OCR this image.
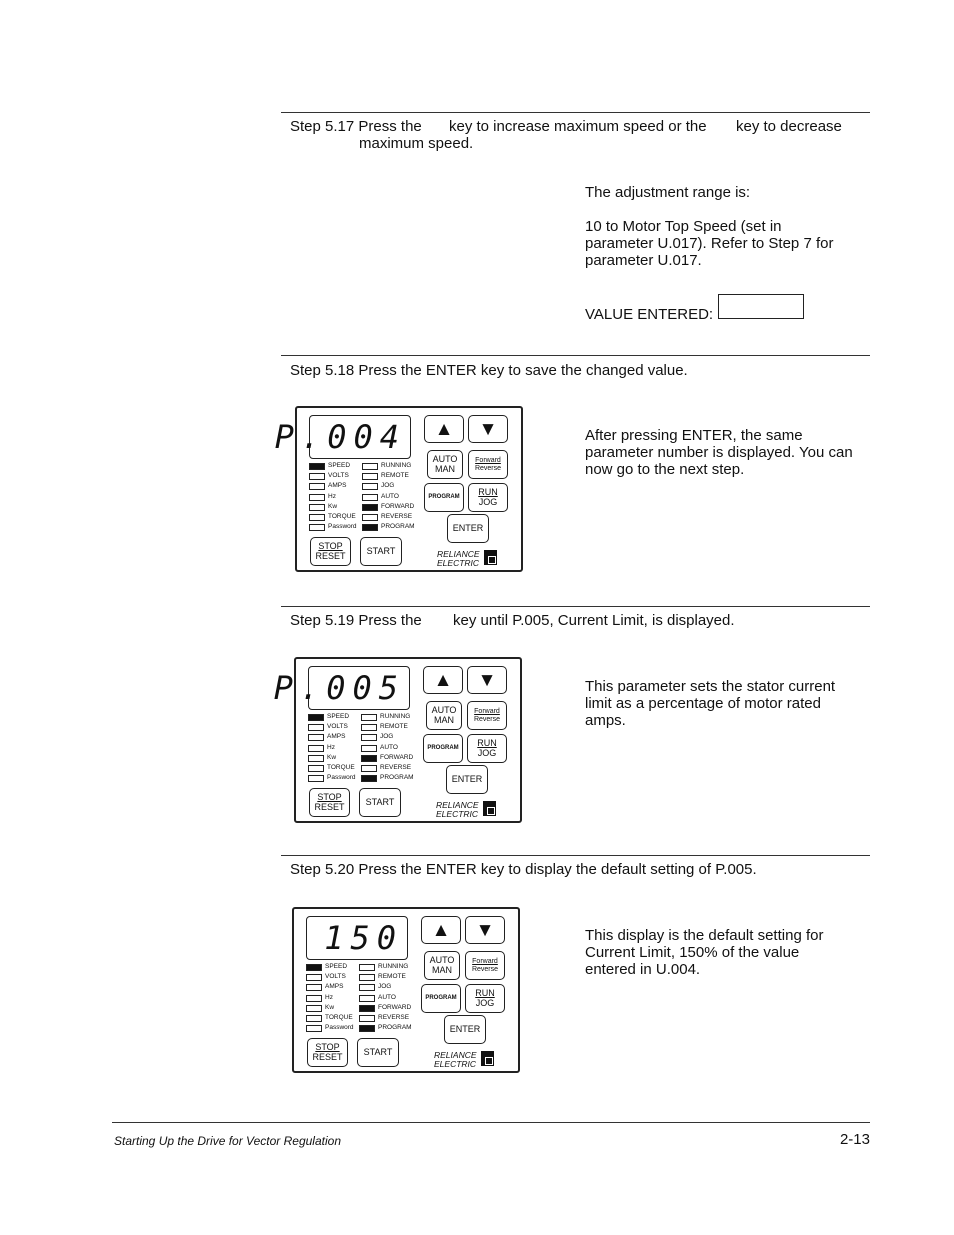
Step 5.17 Press the key to increase maximum speed or the key to decrease
maximum speed.
The adjustment range is:
10 to Motor Top Speed (set in
parameter U.017). Refer to Step 7 for
parameter U.017.
VALUE ENTERED:
Step 5.18 Press the ENTER key to save the changed value.
After pressing ENTER, the same
parameter number is displayed. You can
now go to the next step.
Step 5.19 Press the key until P.005, Current Limit, is displayed.
This parameter sets the stator current
limit as a percentage of motor rated
amps.
Step 5.20 Press the ENTER key to display the default setting of P.005.
This display is the default setting for
Current Limit, 150% of the value
entered in U.004.
P.004 ▲ ▼
AUTO
MAN
Forward
Reverse
PROGRAM	RUN
JOG
ENTER
STOP
RESET	START
SPEED
VOLTS
AMPS
Hz
Kw
TORQUE
Password
RUNNING
REMOTE
JOG
AUTO
FORWARD
REVERSE
PROGRAM
RELIANCE
ELECTRIC
P.005 ▲ ▼
AUTO
MAN
Forward
Reverse
PROGRAM	RUN
JOG
ENTER
STOP
RESET	START
SPEED
VOLTS
AMPS
Hz
Kw
TORQUE
Password
RUNNING
REMOTE
JOG
AUTO
FORWARD
REVERSE
PROGRAM
RELIANCE
ELECTRIC
150 ▲ ▼
AUTO
MAN
Forward
Reverse
PROGRAM	RUN
JOG
ENTER
STOP
RESET	START
SPEED
VOLTS
AMPS
Hz
Kw
TORQUE
Password
RUNNING
REMOTE
JOG
AUTO
FORWARD
REVERSE
PROGRAM
RELIANCE
ELECTRIC
Starting Up the Drive for Vector Regulation	2-13
